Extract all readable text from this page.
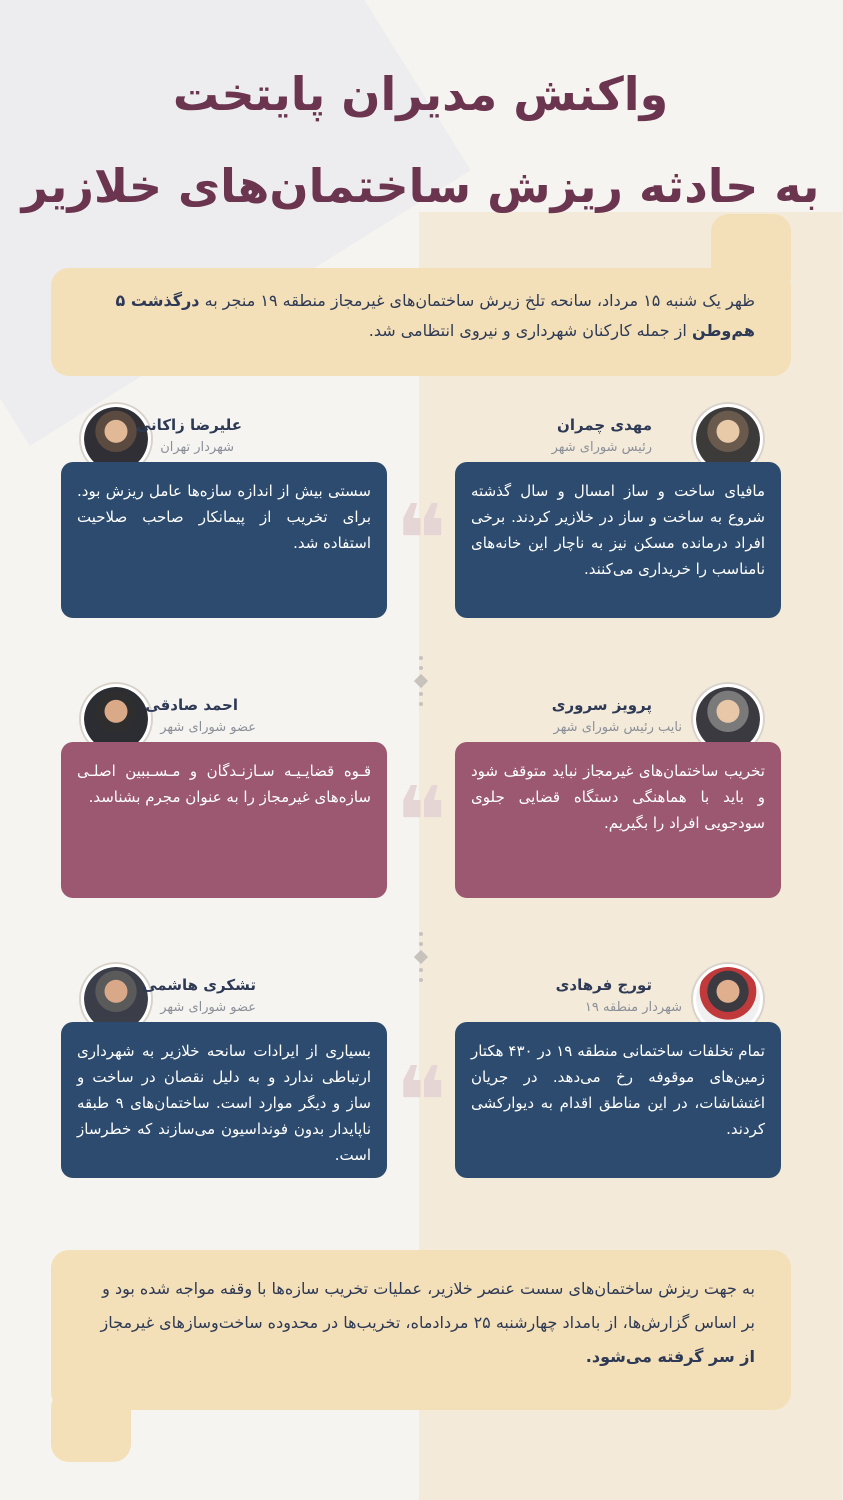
واکنش مدیران پایتخت
به حادثه ریزش ساختمان‌های خلازیر
ظهر یک شنبه ۱۵ مرداد، سانحه تلخ زیرش ساختمان‌های غیرمجاز منطقه ۱۹ منجر به درگذشت ۵ هم‌وطن از جمله کارکنان شهرداری و نیروی انتظامی شد.
مهدی چمران
رئیس شورای شهر
مافیای ساخت و ساز امسال و سال گذشته شروع به ساخت و ساز در خلازیر کردند. برخی افراد درمانده مسکن نیز به ناچار این خانه‌های نامناسب را خریداری می‌کنند.
علیرضا زاکانی
شهردار تهران
سستی بیش از اندازه سازه‌ها عامل ریزش بود. برای تخریب از پیمانکار صاحب صلاحیت استفاده شد. ❝
پرویز سروری
نایب رئیس شورای شهر
تخریب ساختمان‌های غیرمجاز نباید متوقف شود و باید با هماهنگی دستگاه قضایی جلوی سودجویی افراد را بگیریم.
احمد صادقی
عضو شورای شهر
قـوه قضایـیـه سـازنـدگان و مـسـببین اصلـی سازه‌های غیرمجاز را به عنوان مجرم بشناسد. ❝
تورج فرهادی
شهردار منطقه ۱۹
تمام تخلفات ساختمانی منطقه ۱۹ در ۴۳۰ هکتار زمین‌های موقوفه رخ می‌دهد. در جریان اغتشاشات، در این مناطق اقدام به دیوارکشی کردند.
تشکری هاشمی
عضو شورای شهر
بسیاری از ایرادات سانحه خلازیر به شهرداری ارتباطی ندارد و به دلیل نقصان در ساخت و ساز و دیگر موارد است. ساختمان‌های ۹ طبقه ناپایدار بدون فونداسیون می‌سازند که خطرساز است. ❝
به جهت ریزش ساختمان‌های سست عنصر خلازیر، عملیات تخریب سازه‌ها با وقفه مواجه شده بود و بر اساس گزارش‌ها، از بامداد چهارشنبه ۲۵ مردادماه، تخریب‌ها در محدوده ساخت‌وسازهای غیرمجاز از سر گرفته می‌شود.
